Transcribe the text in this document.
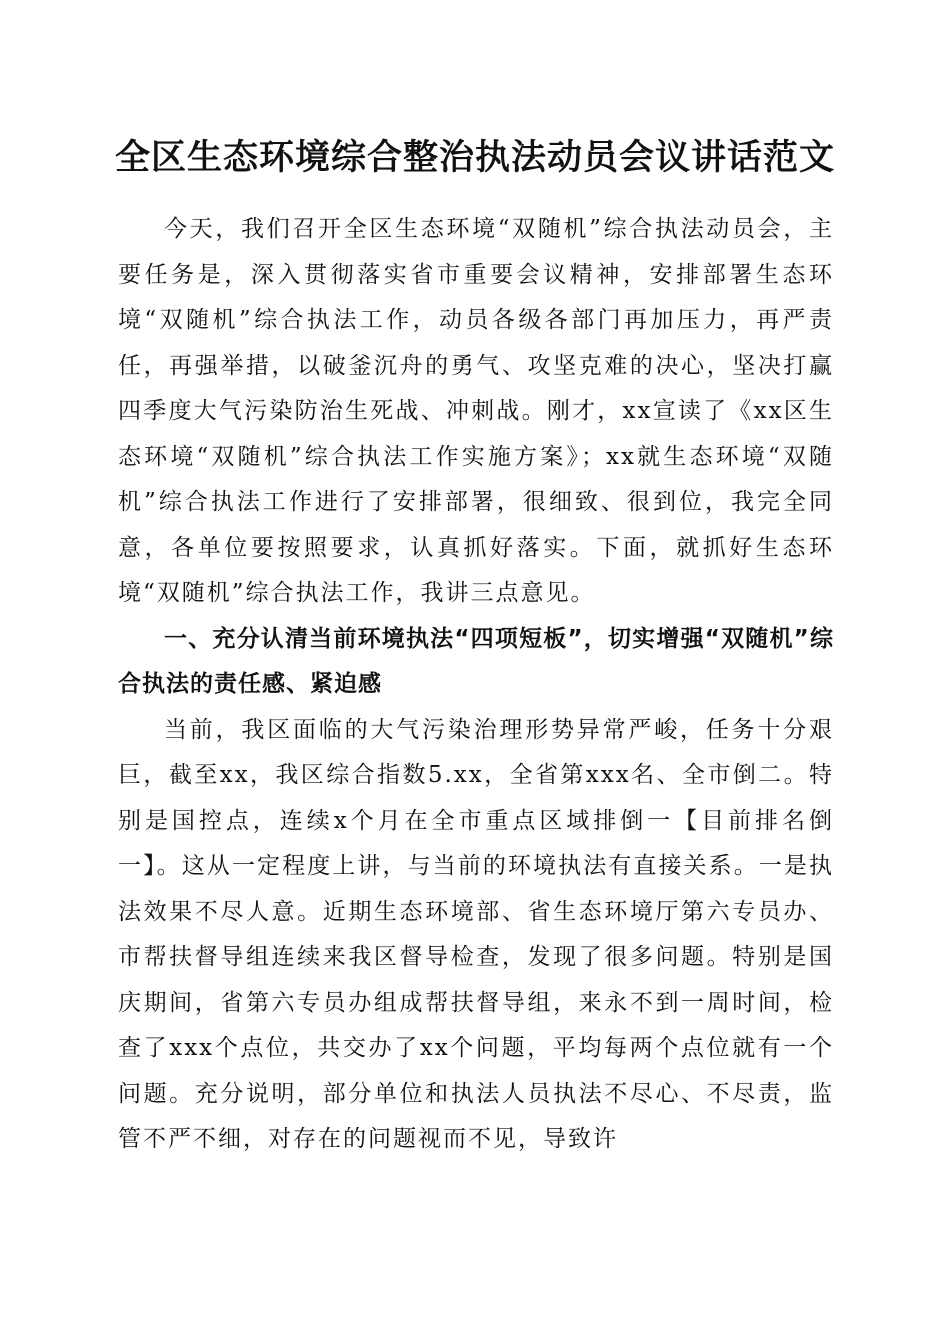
全区生态环境综合整治执法动员会议讲话范文

今天，我们召开全区生态环境“双随机”综合执法动员会，主要任务是，深入贯彻落实省市重要会议精神，安排部署生态环境“双随机”综合执法工作，动员各级各部门再加压力，再严责任，再强举措，以破釜沉舟的勇气、攻坚克难的决心，坚决打赢四季度大气污染防治生死战、冲刺战。刚才，xx宣读了《xx区生态环境“双随机”综合执法工作实施方案》；xx就生态环境“双随机”综合执法工作进行了安排部署，很细致、很到位，我完全同意，各单位要按照要求，认真抓好落实。下面，就抓好生态环境“双随机”综合执法工作，我讲三点意见。

一、充分认清当前环境执法“四项短板”，切实增强“双随机”综合执法的责任感、紧迫感

当前，我区面临的大气污染治理形势异常严峻，任务十分艰巨，截至xx，我区综合指数5.xx，全省第xxx名、全市倒二。特别是国控点，连续x个月在全市重点区域排倒一【目前排名倒一】。这从一定程度上讲，与当前的环境执法有直接关系。一是执法效果不尽人意。近期生态环境部、省生态环境厅第六专员办、市帮扶督导组连续来我区督导检查，发现了很多问题。特别是国庆期间，省第六专员办组成帮扶督导组，来永不到一周时间，检查了xxx个点位，共交办了xx个问题，平均每两个点位就有一个问题。充分说明，部分单位和执法人员执法不尽心、不尽责，监管不严不细，对存在的问题视而不见，导致许
